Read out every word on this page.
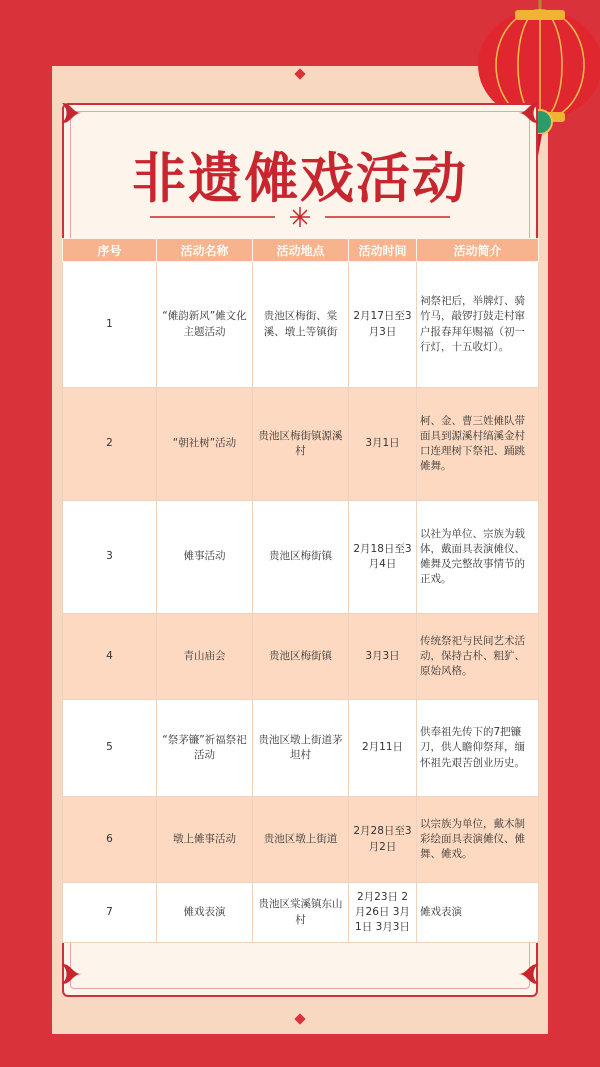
非遗傩戏活动
序号	活动名称	活动地点	活动时间	活动简介
1	“傩韵新风”傩文化主题活动	贵池区梅街、棠溪、墩上等镇街	2月17日至3月3日	祠祭祀后，举牌灯、骑竹马，敲锣打鼓走村窜户报春拜年赐福（初一行灯，十五收灯）。
2	“朝社树”活动	贵池区梅街镇源溪村	3月1日	柯、金、曹三姓傩队带面具到源溪村缟溪金村口连理树下祭祀、踊跳傩舞。
3	傩事活动	贵池区梅街镇	2月18日至3月4日	以社为单位、宗族为载体，戴面具表演傩仪、傩舞及完整故事情节的正戏。
4	青山庙会	贵池区梅街镇	3月3日	传统祭祀与民间艺术活动，保持古朴、粗犷、原始风格。
5	“祭茅镰”祈福祭祀活动	贵池区墩上街道茅坦村	2月11日	供奉祖先传下的7把镰刀，供人瞻仰祭拜，缅怀祖先艰苦创业历史。
6	墩上傩事活动	贵池区墩上街道	2月28日至3月2日	以宗族为单位，戴木制彩绘面具表演傩仪、傩舞、傩戏。
7	傩戏表演	贵池区棠溪镇东山村	2月23日 2月26日 3月1日 3月3日	傩戏表演
